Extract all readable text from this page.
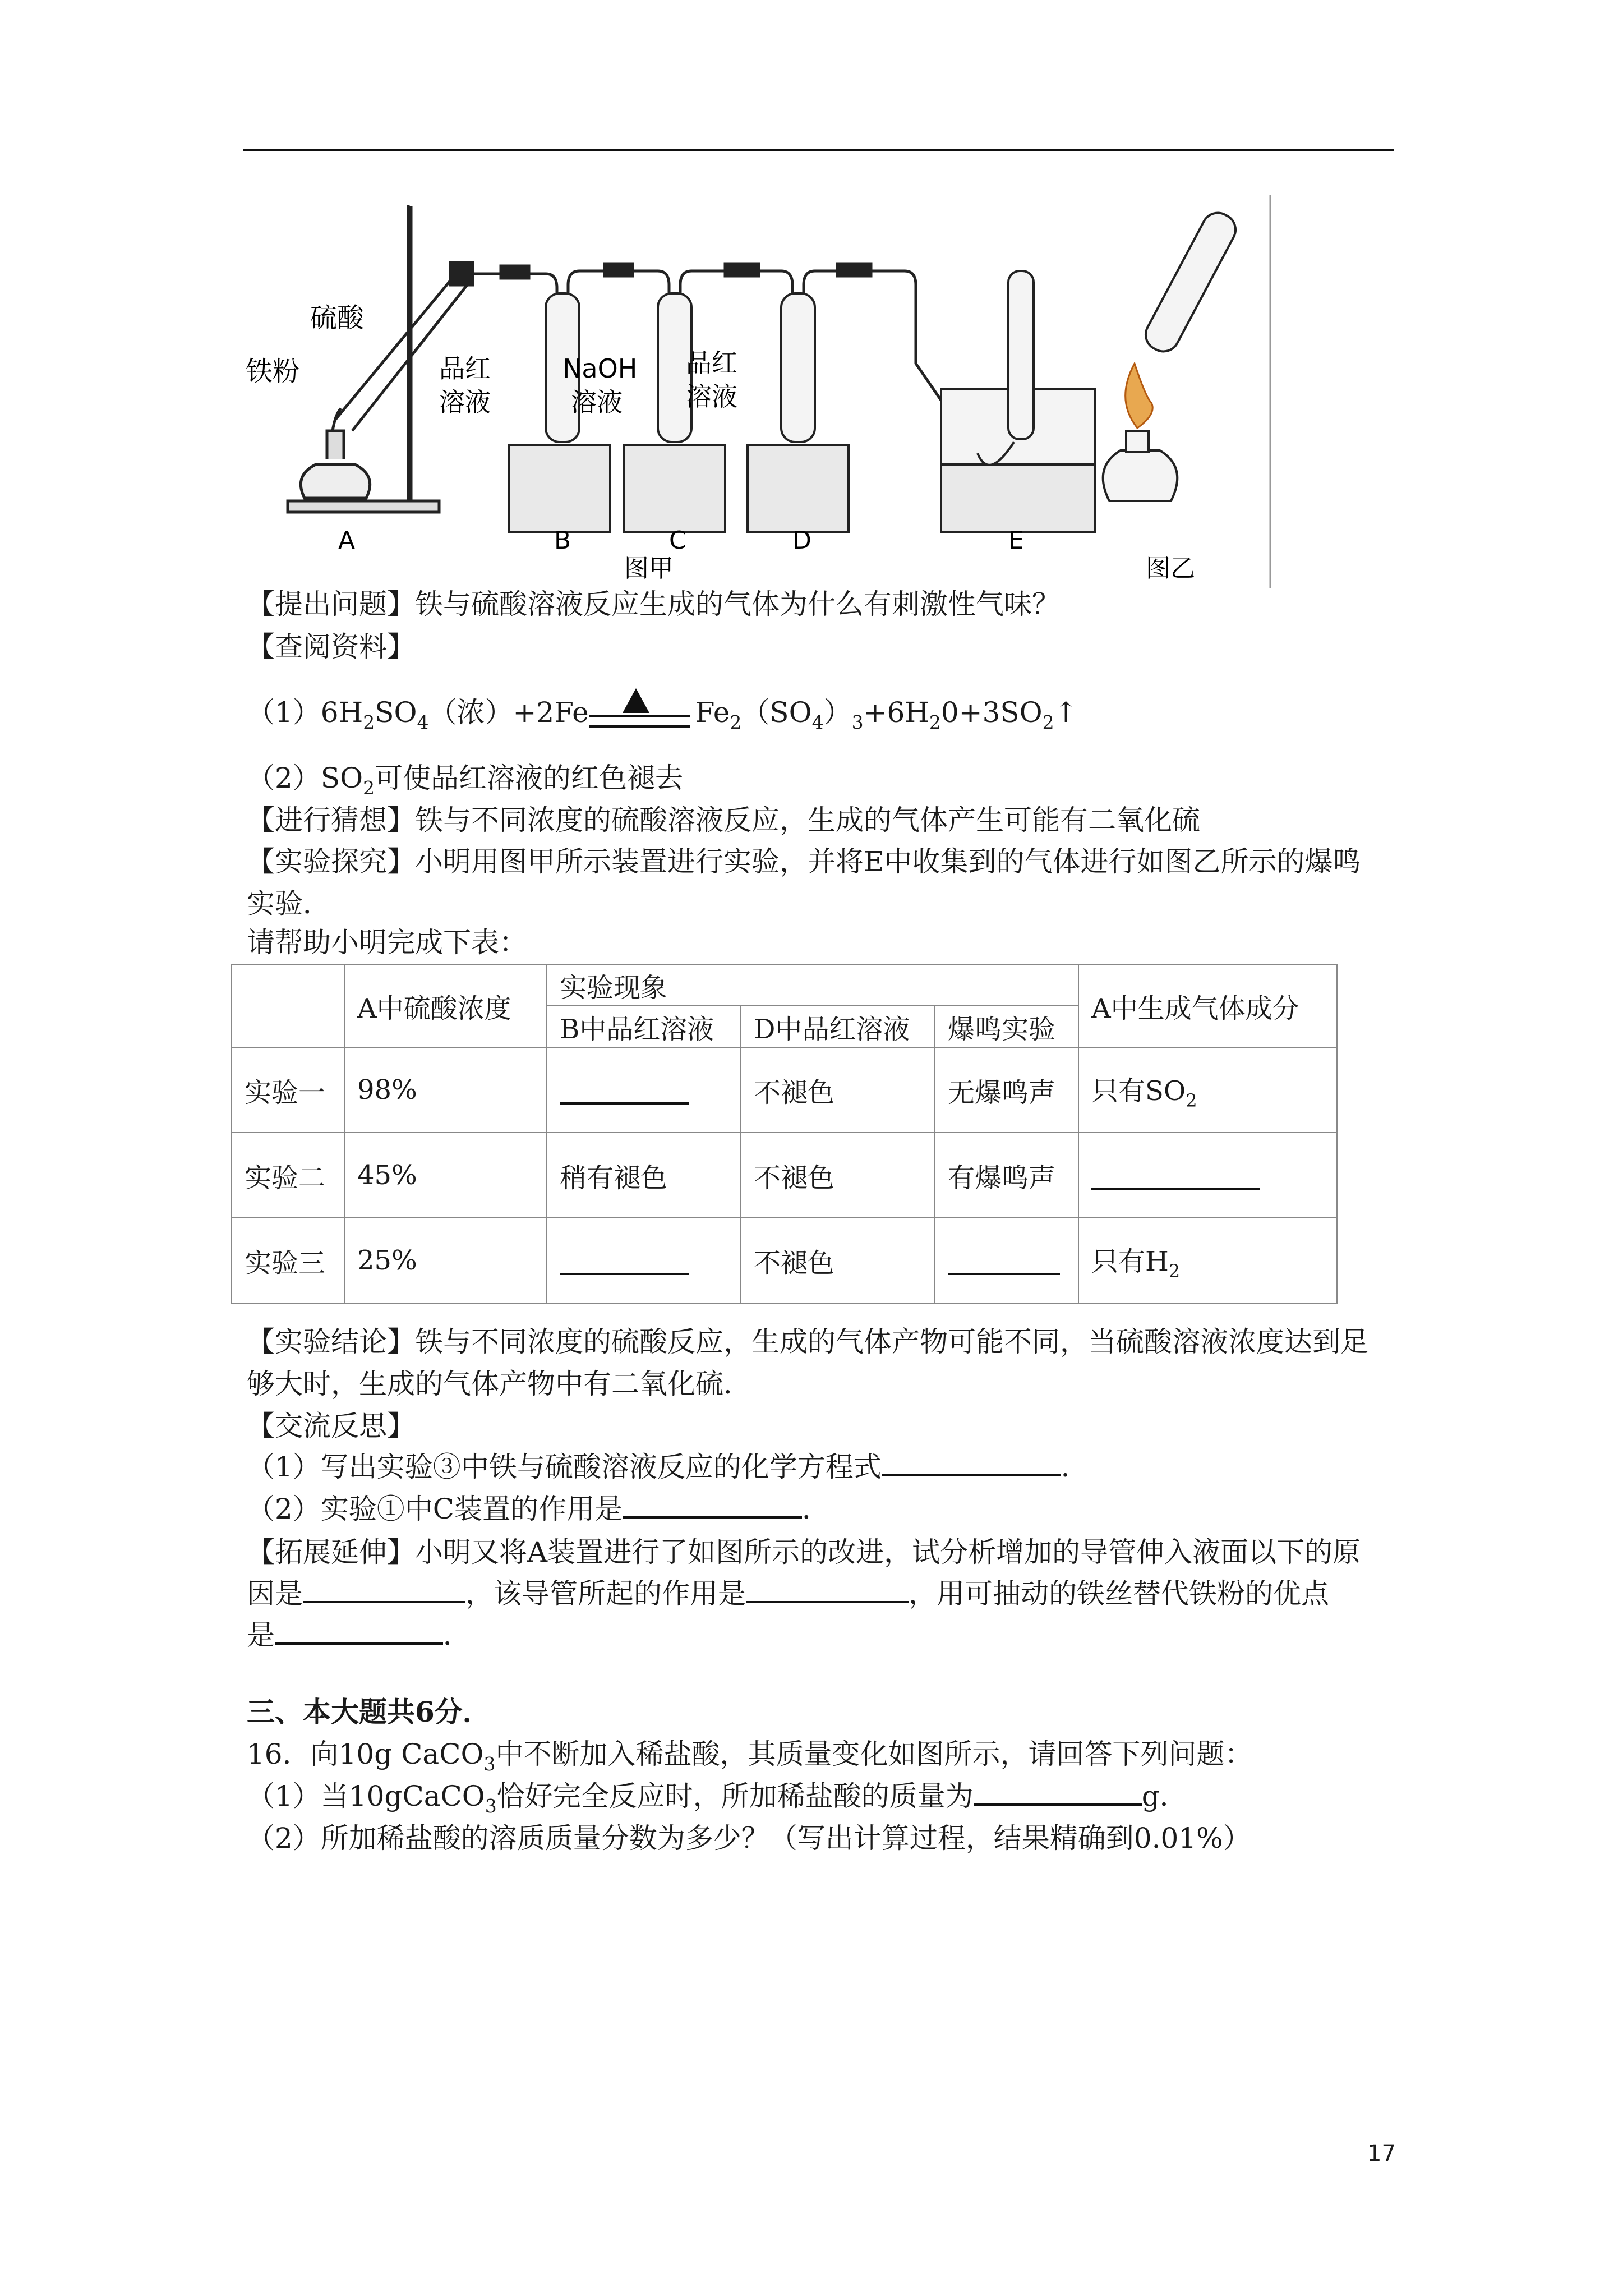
硫酸
铁粉	品红
溶液
NaOH
溶液
品红
溶液
A	B	C	D	E
图甲	图乙
【提出问题】铁与硫酸溶液反应生成的气体为什么有刺激性气味？
【查阅资料】
$(1)6H_2SO_4$（浓）+2Fe	$Fe_2(SO_4)_3+6H_20+3SO_2↑$
$(2)SO_2$可使品红溶液的红色褪去
【进行猜想】铁与不同浓度的硫酸溶液反应，生成的气体产生可能有二氧化硫
【实验探究】小明用图甲所示装置进行实验，并将E中收集到的气体进行如图乙所示的爆鸣
实验．
请帮助小明完成下表：
	A中硫酸浓度	实验现象			A中生成气体成分
		B中品红溶液	D中品红溶液	爆鸣实验	
实验一	98%		不褪色	无爆鸣声	只有$SO_2$
实验二	45%	稍有褪色	不褪色	有爆鸣声	

实验三	25%		不褪色		只有$H_2$
【实验结论】铁与不同浓度的硫酸反应，生成的气体产物可能不同，当硫酸溶液浓度达到足
够大时，生成的气体产物中有二氧化硫．
【交流反思】
（1）写出实验③中铁与硫酸溶液反应的化学方程式	．
（2）实验①中C装置的作用是	．
【拓展延伸】小明又将A装置进行了如图所示的改进，试分析增加的导管伸入液面以下的原
因是	，该导管所起的作用是	，用可抽动的铁丝替代铁粉的优点
是	．
三、本大题共6分．
16．向10g CaCO$_3$中不断加入稀盐酸，其质量变化如图所示，请回答下列问题：
（1）当10gCaCO$_3$恰好完全反应时，所加稀盐酸的质量为	g．
（2）所加稀盐酸的溶质质量分数为多少？（写出计算过程，结果精确到0.01%）
17
